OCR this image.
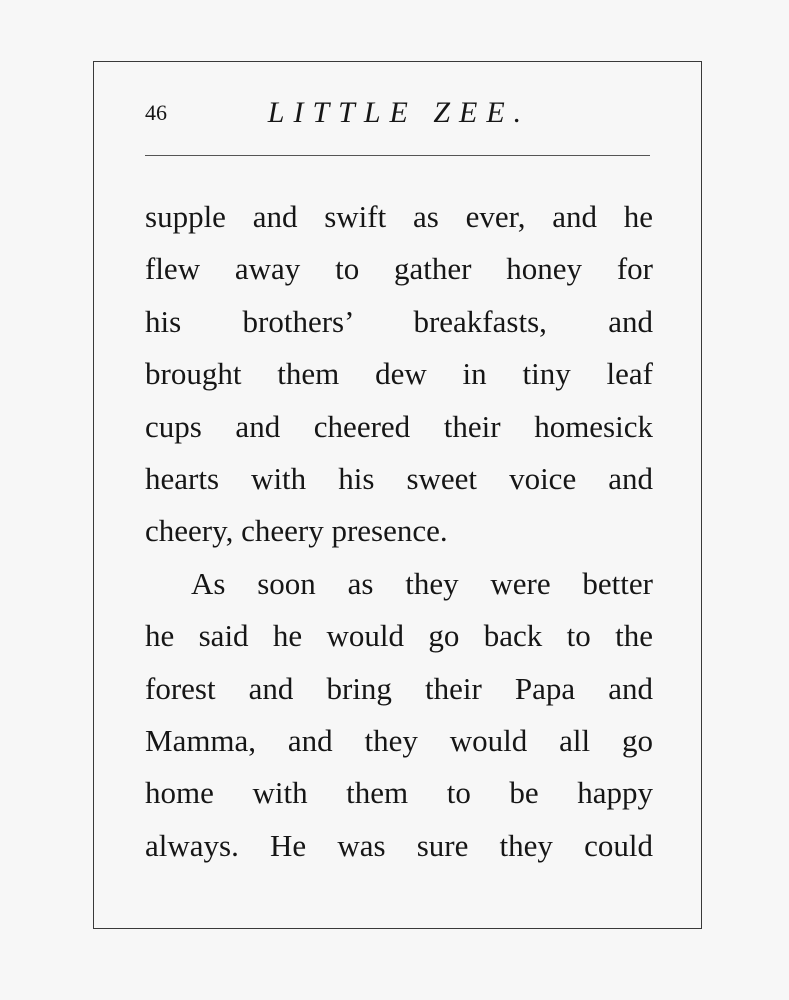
46	LITTLE ZEE.
supple and swift as ever, and he
flew away to gather honey for
his brothers’ breakfasts, and
brought them dew in tiny leaf
cups and cheered their homesick
hearts with his sweet voice and
cheery, cheery presence.
As soon as they were better
he said he would go back to the
forest and bring their Papa and
Mamma, and they would all go
home with them to be happy
always. He was sure they could
